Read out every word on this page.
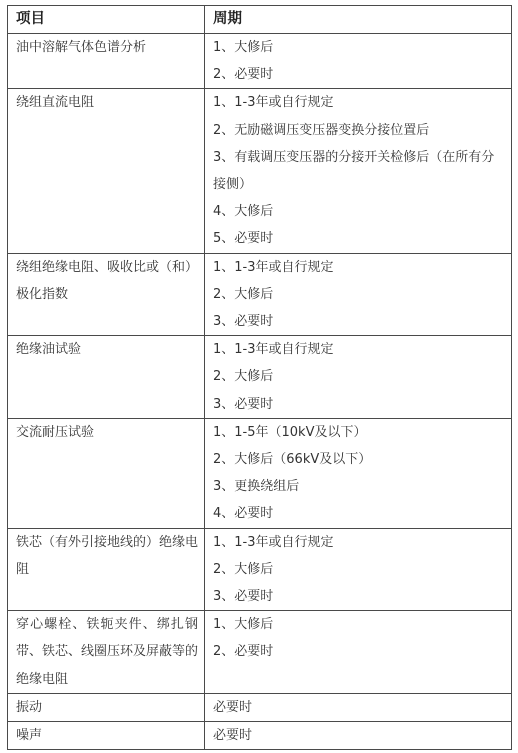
项目	周期

油中溶解气体色谱分析	1、大修后
2、必要时

绕组直流电阻	1、1-3年或自行规定
2、无励磁调压变压器变换分接位置后
3、有载调压变压器的分接开关检修后（在所有分接侧）
4、大修后
5、必要时

绕组绝缘电阻、吸收比或（和）极化指数	1、1-3年或自行规定
2、大修后
3、必要时

绝缘油试验	1、1-3年或自行规定
2、大修后
3、必要时

交流耐压试验	1、1-5年（10kV及以下）
2、大修后（66kV及以下）
3、更换绕组后
4、必要时

铁芯（有外引接地线的）绝缘电阻	1、1-3年或自行规定
2、大修后
3、必要时

穿心螺栓、铁轭夹件、绑扎钢带、铁芯、线圈压环及屏蔽等的绝缘电阻	1、大修后
2、必要时

振动	必要时

噪声	必要时
